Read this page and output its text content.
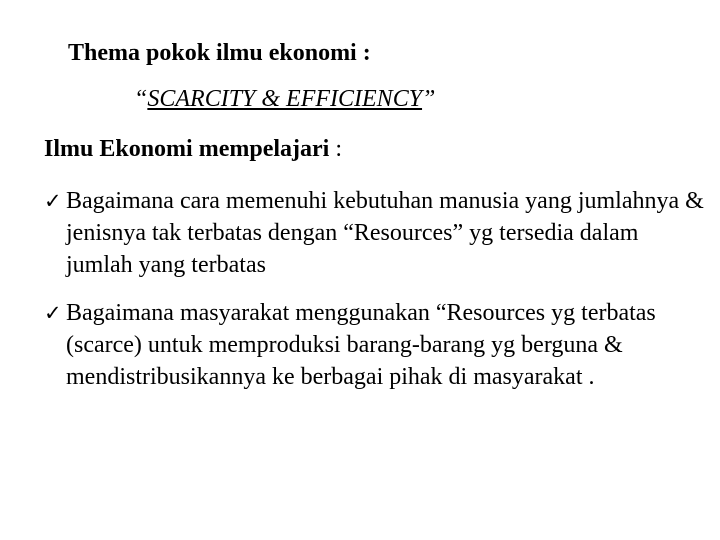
Thema pokok ilmu ekonomi :
“SCARCITY & EFFICIENCY”
Ilmu Ekonomi mempelajari :
✓ Bagaimana cara memenuhi kebutuhan manusia yang jumlahnya & jenisnya tak terbatas dengan “Resources” yg tersedia dalam jumlah yang terbatas
✓ Bagaimana masyarakat menggunakan “Resources yg terbatas (scarce) untuk memproduksi barang-barang yg berguna & mendistribusikannya ke berbagai pihak di masyarakat .
